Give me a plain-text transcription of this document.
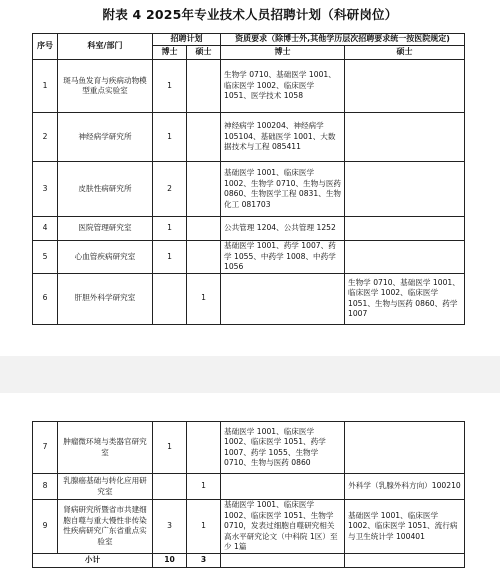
附表 4 2025年专业技术人员招聘计划（科研岗位）
序号	科室/部门	招聘计划		资质要求（除博士外,其他学历层次招聘要求统一按医院规定)	
		博士	硕士	博士	硕士
1	斑马鱼发育与疾病动物模型重点实验室	1		生物学 0710、基础医学 1001、临床医学 1002、临床医学 1051、医学技术 1058	
2	神经病学研究所	1		神经病学 100204、神经病学 105104、基础医学 1001、大数据技术与工程 085411	
3	皮肤性病研究所	2		基础医学 1001、临床医学 1002、生物学 0710、生物与医药 0860、生物医学工程 0831、生物化工 081703	
4	医院管理研究室	1		公共管理 1204、公共管理 1252	
5	心血管疾病研究室	1		基础医学 1001、药学 1007、药学 1055、中药学 1008、中药学 1056	
6	肝胆外科学研究室		1		生物学 0710、基础医学 1001、临床医学 1002、临床医学 1051、生物与医药 0860、药学 1007
7	肿瘤微环境与类器官研究室	1		基础医学 1001、临床医学 1002、临床医学 1051、药学 1007、药学 1055、生物学 0710、生物与医药 0860	
8	乳腺癌基础与转化应用研究室		1		外科学（乳腺外科方向）100210
9	肾病研究所暨省市共建细胞自噬与重大慢性非传染性疾病研究广东省重点实验室	3	1	基础医学 1001、临床医学 1002、临床医学 1051、生物学 0710，发表过细胞自噬研究相关高水平研究论文（中科院 1区）至少 1篇	基础医学 1001、临床医学 1002、临床医学 1051、流行病与卫生统计学 100401
小计		10	3		
